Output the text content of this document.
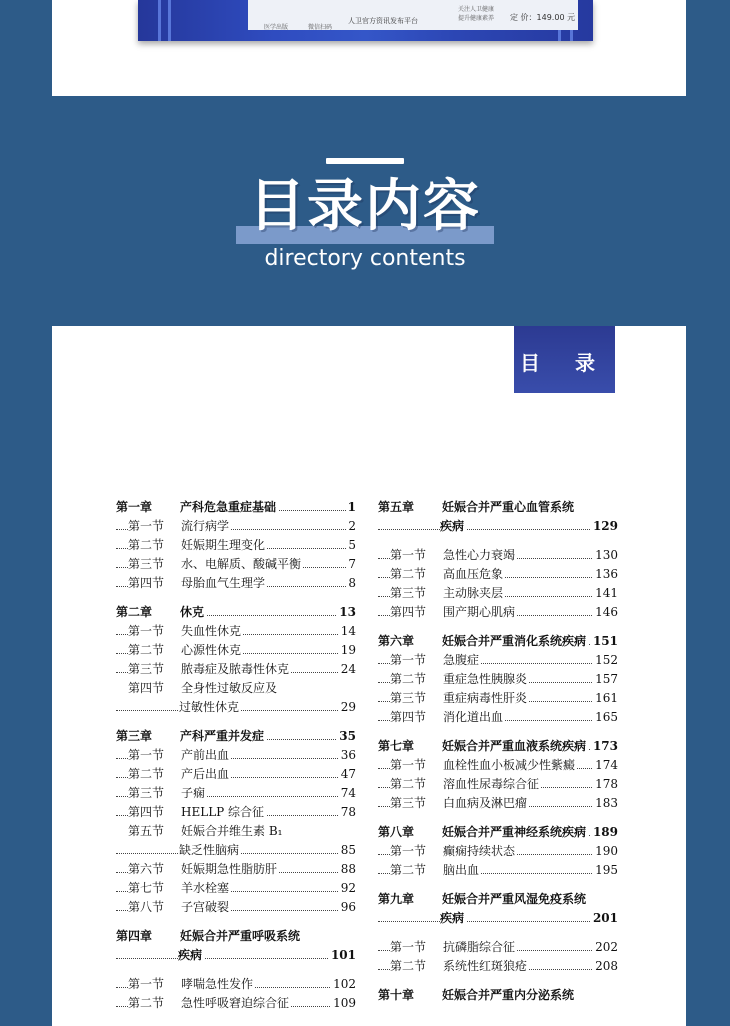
医学出版	微信扫码
人卫官方资讯发布平台
关注人卫健康
提升健康素养 定 价：149.00 元
目录内容
directory contents
目 录
第一章 产科危急重症基础	1
第一节 流行病学	2
第二节 妊娠期生理变化	5
第三节 水、电解质、酸碱平衡	7
第四节 母胎血气生理学	8
第二章 休克	13
第一节 失血性休克	14
第二节 心源性休克	19
第三节 脓毒症及脓毒性休克	24
第四节 全身性过敏反应及
过敏性休克	29
第三章 产科严重并发症	35
第一节 产前出血	36
第二节 产后出血	47
第三节 子痫	74
第四节 HELLP 综合征	78
第五节 妊娠合并维生素 B₁
缺乏性脑病	85
第六节 妊娠期急性脂肪肝	88
第七节 羊水栓塞	92
第八节 子宫破裂	96
第四章 妊娠合并严重呼吸系统
疾病	101
第一节 哮喘急性发作	102
第二节 急性呼吸窘迫综合征	109
第五章 妊娠合并严重心血管系统
疾病	129
第一节 急性心力衰竭	130
第二节 高血压危象	136
第三节 主动脉夹层	141
第四节 围产期心肌病	146
第六章 妊娠合并严重消化系统疾病 151
第一节 急腹症	152
第二节 重症急性胰腺炎	157
第三节 重症病毒性肝炎	161
第四节 消化道出血	165
第七章 妊娠合并严重血液系统疾病 173
第一节 血栓性血小板减少性紫癜 174
第二节 溶血性尿毒综合征	178
第三节 白血病及淋巴瘤	183
第八章 妊娠合并严重神经系统疾病 189
第一节 癫痫持续状态	190
第二节 脑出血	195
第九章 妊娠合并严重风湿免疫系统
疾病	201
第一节 抗磷脂综合征	202
第二节 系统性红斑狼疮	208
第十章 妊娠合并严重内分泌系统
